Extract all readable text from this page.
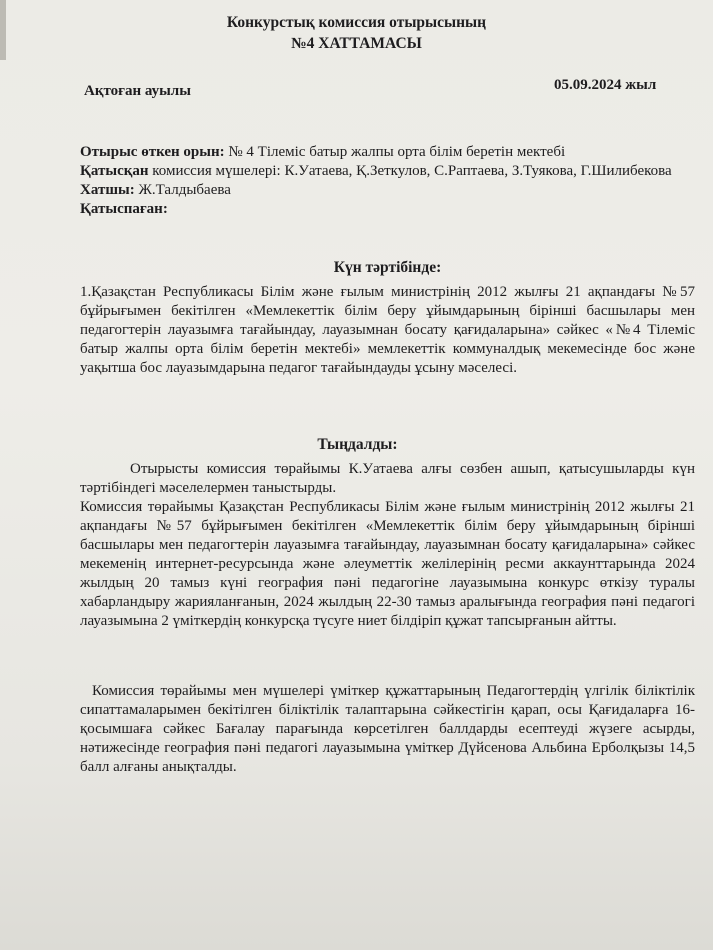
Конкурстық комиссия отырысының
№4 ХАТТАМАСЫ
Ақтоған ауылы	05.09.2024 жыл
Отырыс өткен орын: № 4 Тілеміс батыр жалпы орта білім беретін мектебі
Қатысқан комиссия мүшелері: К.Уатаева, Қ.Зеткулов, С.Раптаева, З.Туякова, Г.Шилибекова
Хатшы: Ж.Талдыбаева
Қатыспаған:
Күн тәртібінде:
1.Қазақстан Республикасы Білім және ғылым министрінің 2012 жылғы 21 ақпандағы №57 бұйрығымен бекітілген «Мемлекеттік білім беру ұйымдарының бірінші басшылары мен педагогтерін лауазымға тағайындау, лауазымнан босату қағидаларына» сәйкес «№4 Тілеміс батыр жалпы орта білім беретін мектебі» мемлекеттік коммуналдық мекемесінде бос және уақытша бос лауазымдарына педагог тағайындауды ұсыну мәселесі.
Тыңдалды:
Отырысты комиссия төрайымы К.Уатаева алғы сөзбен ашып, қатысушыларды күн тәртібіндегі мәселелермен таныстырды.
Комиссия төрайымы Қазақстан Республикасы Білім және ғылым министрінің 2012 жылғы 21 ақпандағы №57 бұйрығымен бекітілген «Мемлекеттік білім беру ұйымдарының бірінші басшылары мен педагогтерін лауазымға тағайындау, лауазымнан босату қағидаларына» сәйкес мекеменің интернет-ресурсында және әлеуметтік желілерінің ресми аккаунттарында 2024 жылдың 20 тамыз күні география пәні педагогіне лауазымына конкурс өткізу туралы хабарландыру жарияланғанын, 2024 жылдың 22-30 тамыз аралығында география пәні педагогі лауазымына 2 үміткердің конкурсқа түсуге ниет білдіріп құжат тапсырғанын айтты.
Комиссия төрайымы мен мүшелері үміткер құжаттарының Педагогтердің үлгілік біліктілік сипаттамаларымен бекітілген біліктілік талаптарына сәйкестігін қарап, осы Қағидаларға 16-қосымшаға сәйкес Бағалау парағында көрсетілген баллдарды есептеуді жүзеге асырды, нәтижесінде география пәні педагогі лауазымына үміткер Дүйсенова Альбина Ерболқызы 14,5 балл алғаны анықталды.
